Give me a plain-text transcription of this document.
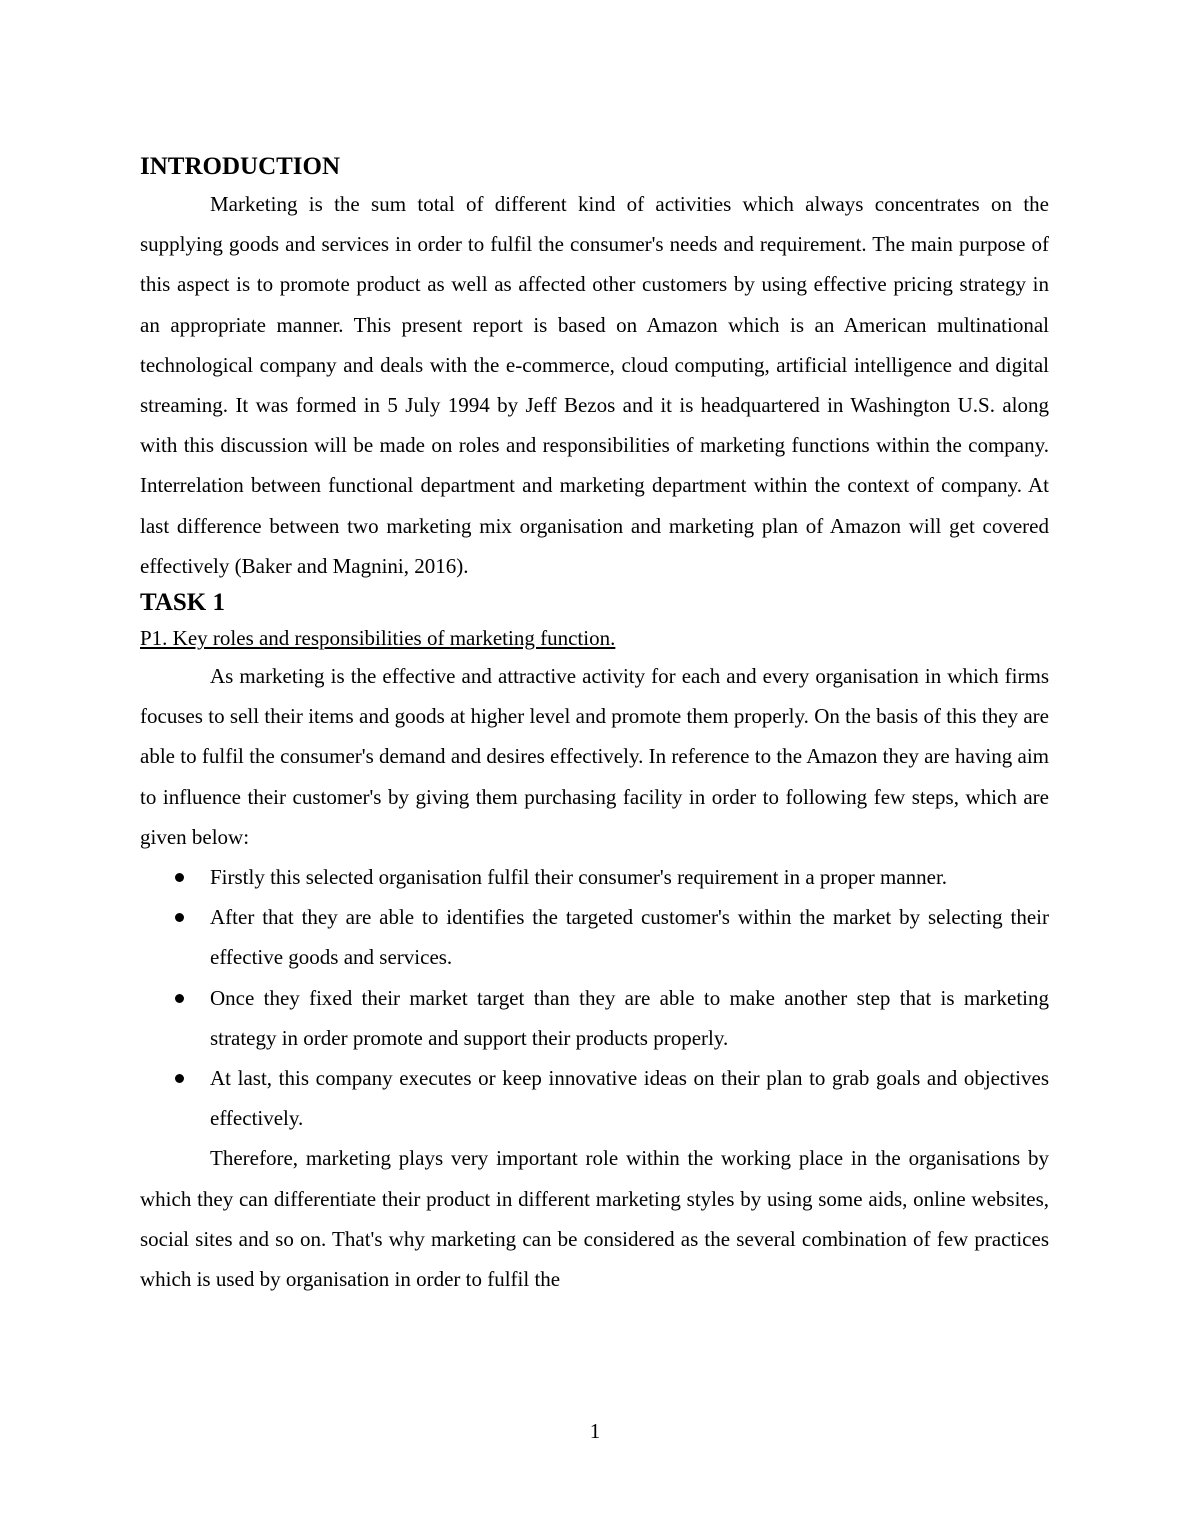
INTRODUCTION

Marketing is the sum total of different kind of activities which always concentrates on the supplying goods and services in order to fulfil the consumer's needs and requirement. The main purpose of this aspect is to promote product as well as affected other customers by using effective pricing strategy in an appropriate manner. This present report is based on Amazon which is an American multinational technological company and deals with the e-commerce, cloud computing, artificial intelligence and digital streaming. It was formed in 5 July 1994 by Jeff Bezos and it is headquartered in Washington U.S. along with this discussion will be made on roles and responsibilities of marketing functions within the company. Interrelation between functional department and marketing department within the context of company. At last difference between two marketing mix organisation and marketing plan of Amazon will get covered effectively (Baker and Magnini, 2016).

TASK 1

P1. Key roles and responsibilities of marketing function.

As marketing is the effective and attractive activity for each and every organisation in which firms focuses to sell their items and goods at higher level and promote them properly. On the basis of this they are able to fulfil the consumer's demand and desires effectively. In reference to the Amazon they are having aim to influence their customer's by giving them purchasing facility in order to following few steps, which are given below:

Firstly this selected organisation fulfil their consumer's requirement in a proper manner.
After that they are able to identifies the targeted customer's within the market by selecting their effective goods and services.
Once they fixed their market target than they are able to make another step that is marketing strategy in order promote and support their products properly.
At last, this company executes or keep innovative ideas on their plan to grab goals and objectives effectively.

Therefore, marketing plays very important role within the working place in the organisations by which they can differentiate their product in different marketing styles by using some aids, online websites, social sites and so on. That's why marketing can be considered as the several combination of few practices which is used by organisation in order to fulfil the

1
